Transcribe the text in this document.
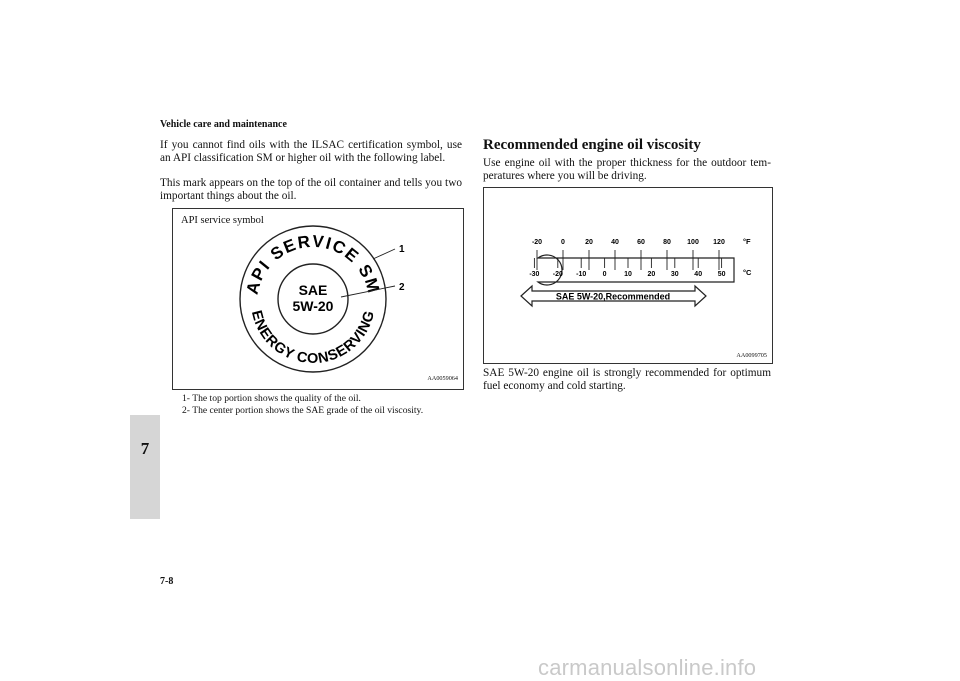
Vehicle care and maintenance
If you cannot find oils with the ILSAC certification symbol, use an API classification SM or higher oil with the following label.
This mark appears on the top of the oil container and tells you two important things about the oil.
API service symbol
API SERVICE SM
ENERGY CONSERVING
SAE
5W-20
1
2
AA0059064
1- The top portion shows the quality of the oil.
2- The center portion shows the SAE grade of the oil viscosity.
Recommended engine oil viscosity
Use engine oil with the proper thickness for the outdoor tem- peratures where you will be driving.
-20	0	20	40	60	80 100 120
-30 -20 -10 0	10 20 30 40 50
°F
°C
SAE 5W-20,Recommended
AA0099705
SAE 5W-20 engine oil is strongly recommended for optimum fuel economy and cold starting.
7
7-8
carmanualsonline.info
